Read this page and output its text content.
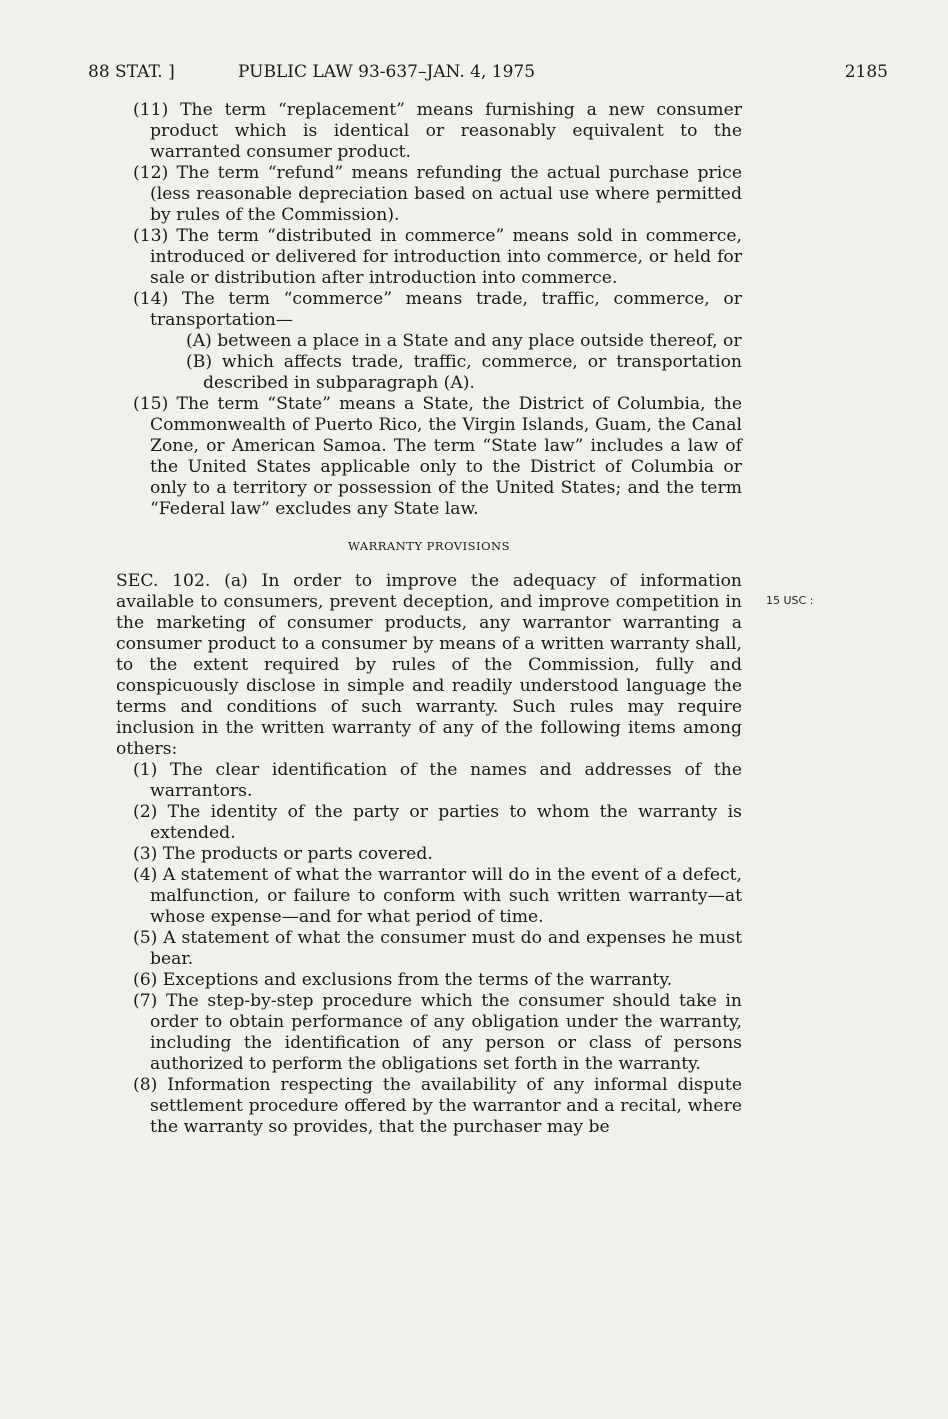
88 STAT. ]	PUBLIC LAW 93-637–JAN. 4, 1975	2185
15 USC :

(11) The term “replacement” means furnishing a new consumer product which is identical or reasonably equivalent to the warranted consumer product.

(12) The term “refund” means refunding the actual purchase price (less reasonable depreciation based on actual use where permitted by rules of the Commission).

(13) The term “distributed in commerce” means sold in commerce, introduced or delivered for introduction into commerce, or held for sale or distribution after introduction into commerce.

(14) The term “commerce” means trade, traffic, commerce, or transportation—

(A) between a place in a State and any place outside thereof, or

(B) which affects trade, traffic, commerce, or transportation described in subparagraph (A).

(15) The term “State” means a State, the District of Columbia, the Commonwealth of Puerto Rico, the Virgin Islands, Guam, the Canal Zone, or American Samoa. The term “State law” includes a law of the United States applicable only to the District of Columbia or only to a territory or possession of the United States; and the term “Federal law” excludes any State law.

WARRANTY PROVISIONS

SEC. 102. (a) In order to improve the adequacy of information available to consumers, prevent deception, and improve competition in the marketing of consumer products, any warrantor warranting a consumer product to a consumer by means of a written warranty shall, to the extent required by rules of the Commission, fully and conspicuously disclose in simple and readily understood language the terms and conditions of such warranty. Such rules may require inclusion in the written warranty of any of the following items among others:

(1) The clear identification of the names and addresses of the warrantors.

(2) The identity of the party or parties to whom the warranty is extended.

(3) The products or parts covered.

(4) A statement of what the warrantor will do in the event of a defect, malfunction, or failure to conform with such written warranty—at whose expense—and for what period of time.

(5) A statement of what the consumer must do and expenses he must bear.

(6) Exceptions and exclusions from the terms of the warranty.

(7) The step-by-step procedure which the consumer should take in order to obtain performance of any obligation under the warranty, including the identification of any person or class of persons authorized to perform the obligations set forth in the warranty.

(8) Information respecting the availability of any informal dispute settlement procedure offered by the warrantor and a recital, where the warranty so provides, that the purchaser may be
